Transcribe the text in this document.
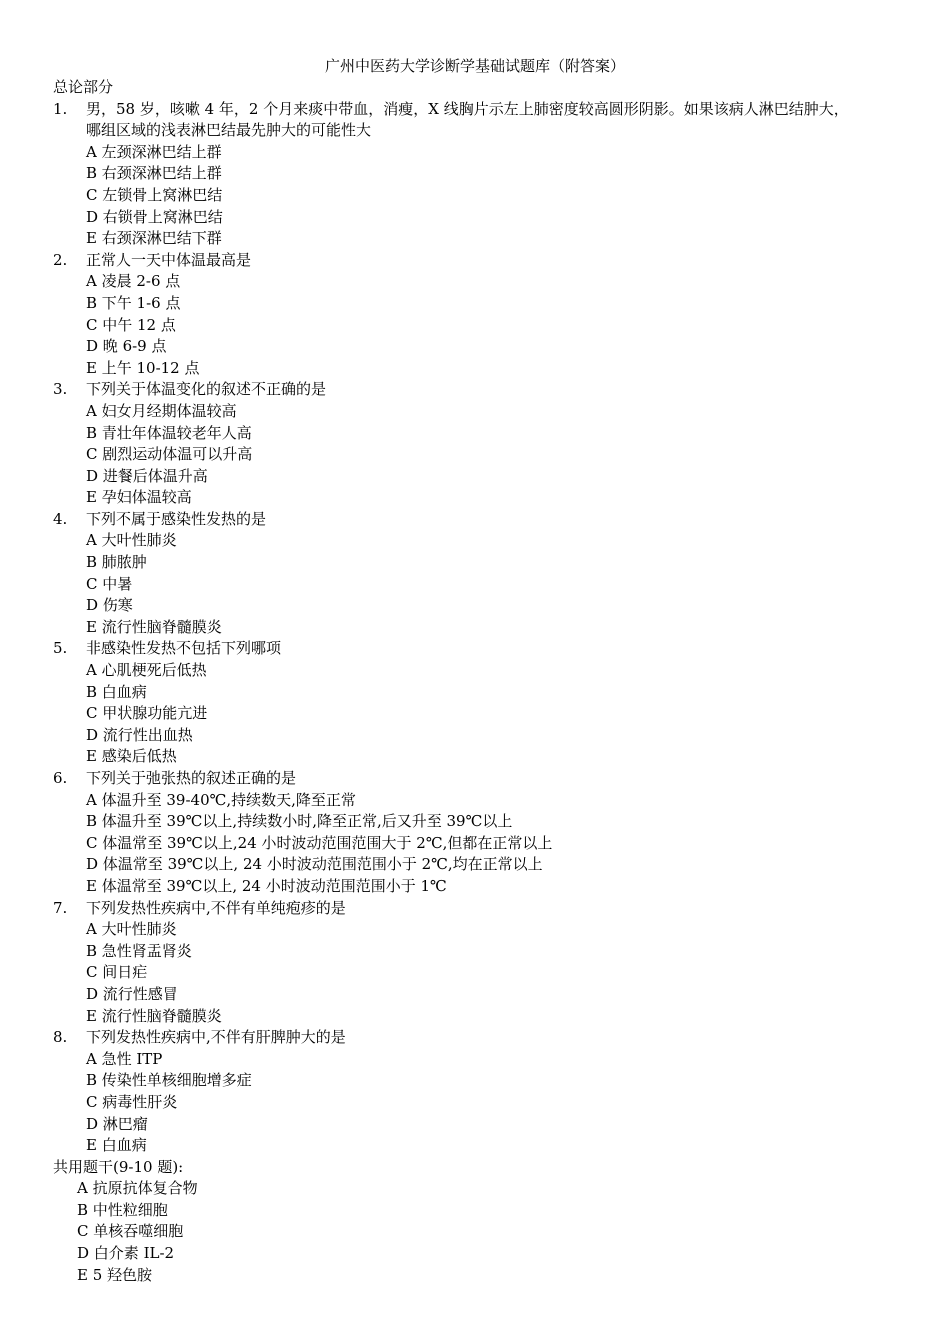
广州中医药大学诊断学基础试题库（附答案）
总论部分
1. 男，58 岁，咳嗽 4 年，2 个月来痰中带血，消瘦，X 线胸片示左上肺密度较高圆形阴影。如果该病人淋巴结肿大，
哪组区域的浅表淋巴结最先肿大的可能性大
A 左颈深淋巴结上群
B 右颈深淋巴结上群
C 左锁骨上窝淋巴结
D 右锁骨上窝淋巴结
E 右颈深淋巴结下群
2. 正常人一天中体温最高是
A 凌晨 2-6 点
B 下午 1-6 点
C 中午 12 点
D 晚 6-9 点
E 上午 10-12 点
3. 下列关于体温变化的叙述不正确的是
A 妇女月经期体温较高
B 青壮年体温较老年人高
C 剧烈运动体温可以升高
D 进餐后体温升高
E 孕妇体温较高
4. 下列不属于感染性发热的是
A 大叶性肺炎
B 肺脓肿
C 中暑
D 伤寒
E 流行性脑脊髓膜炎
5. 非感染性发热不包括下列哪项
A 心肌梗死后低热
B 白血病
C 甲状腺功能亢进
D 流行性出血热
E 感染后低热
6. 下列关于弛张热的叙述正确的是
A 体温升至 39-40℃,持续数天,降至正常
B 体温升至 39℃以上,持续数小时,降至正常,后又升至 39℃以上
C 体温常至 39℃以上,24 小时波动范围范围大于 2℃,但都在正常以上
D 体温常至 39℃以上, 24 小时波动范围范围小于 2℃,均在正常以上
E 体温常至 39℃以上, 24 小时波动范围范围小于 1℃
7. 下列发热性疾病中,不伴有单纯疱疹的是
A 大叶性肺炎
B 急性肾盂肾炎
C 间日疟
D 流行性感冒
E 流行性脑脊髓膜炎
8. 下列发热性疾病中,不伴有肝脾肿大的是
A 急性 ITP
B 传染性单核细胞增多症
C 病毒性肝炎
D 淋巴瘤
E 白血病
共用题干(9-10 题):
A 抗原抗体复合物
B 中性粒细胞
C 单核吞噬细胞
D 白介素 IL-2
E 5 羟色胺
